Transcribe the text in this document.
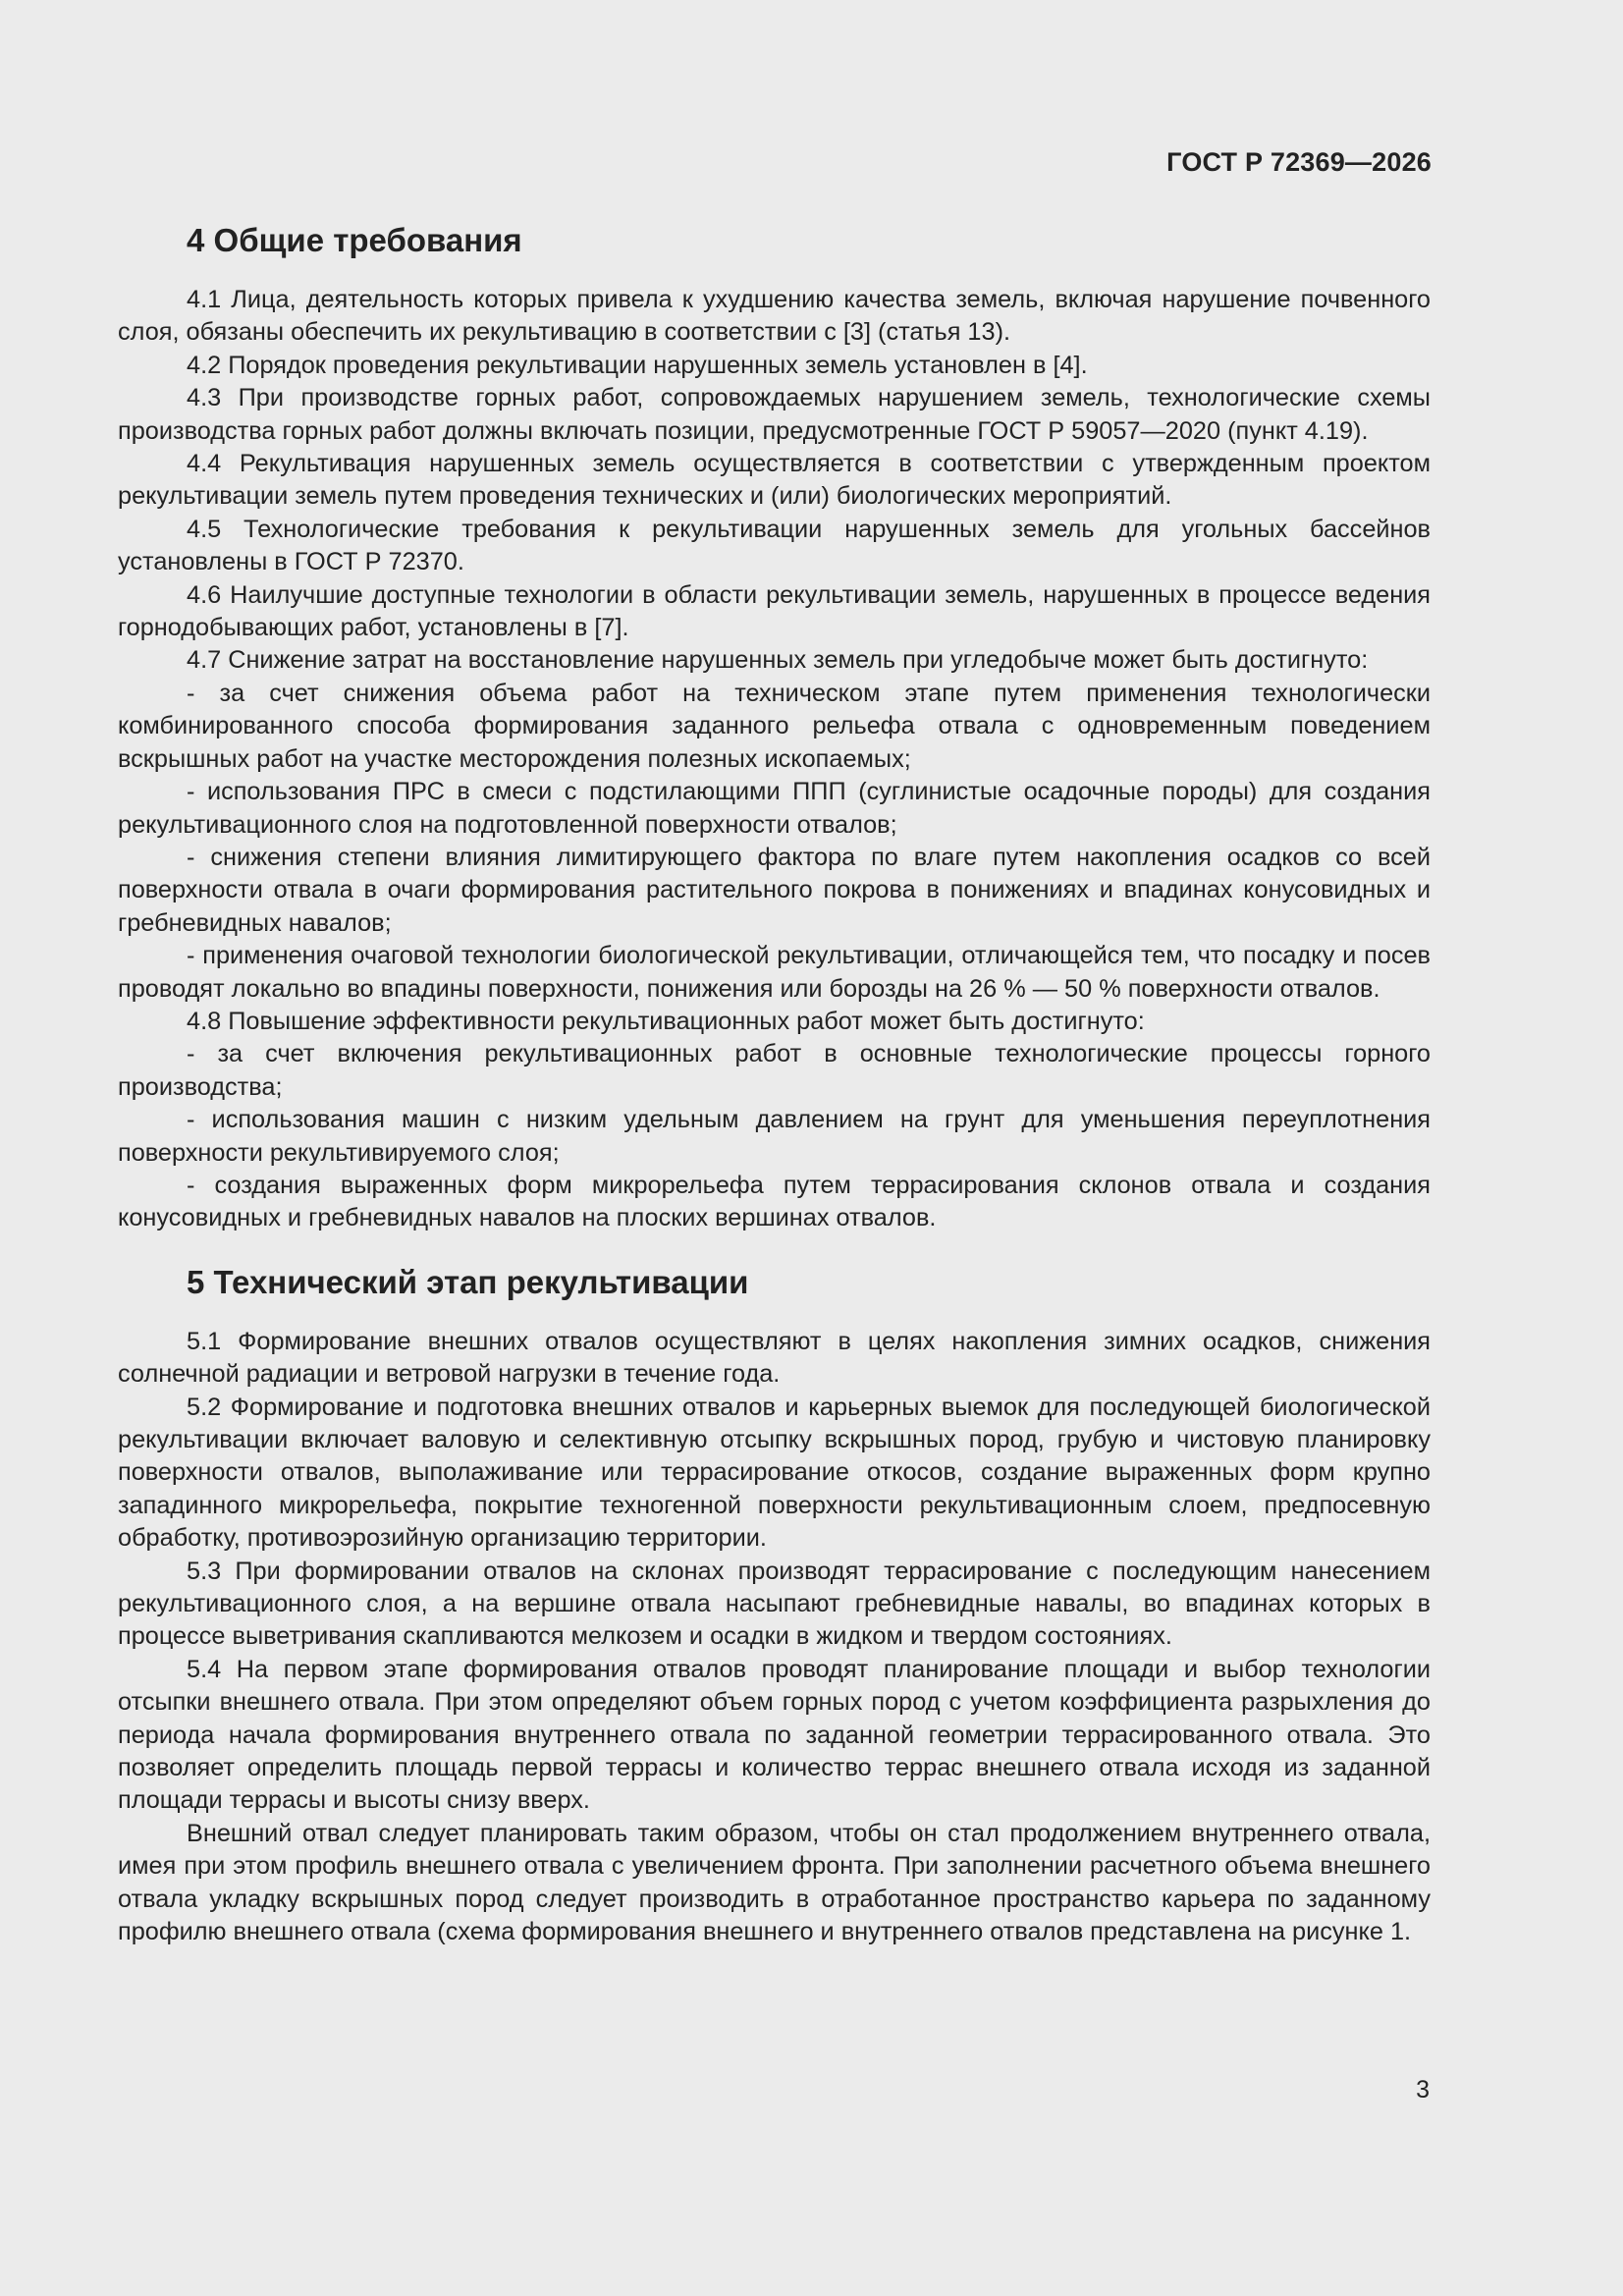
ГОСТ Р 72369—2026
4 Общие требования

4.1 Лица, деятельность которых привела к ухудшению качества земель, включая нарушение почвенного слоя, обязаны обеспечить их рекультивацию в соответствии с [3] (статья 13).

4.2 Порядок проведения рекультивации нарушенных земель установлен в [4].

4.3 При производстве горных работ, сопровождаемых нарушением земель, технологические схемы производства горных работ должны включать позиции, предусмотренные ГОСТ Р 59057—2020 (пункт 4.19).

4.4 Рекультивация нарушенных земель осуществляется в соответствии с утвержденным проектом рекультивации земель путем проведения технических и (или) биологических мероприятий.

4.5 Технологические требования к рекультивации нарушенных земель для угольных бассейнов установлены в ГОСТ Р 72370.

4.6 Наилучшие доступные технологии в области рекультивации земель, нарушенных в процессе ведения горнодобывающих работ, установлены в [7].

4.7 Снижение затрат на восстановление нарушенных земель при угледобыче может быть достигнуто:

- за счет снижения объема работ на техническом этапе путем применения технологически комбинированного способа формирования заданного рельефа отвала с одновременным поведением вскрышных работ на участке месторождения полезных ископаемых;

- использования ПРС в смеси с подстилающими ППП (суглинистые осадочные породы) для создания рекультивационного слоя на подготовленной поверхности отвалов;

- снижения степени влияния лимитирующего фактора по влаге путем накопления осадков со всей поверхности отвала в очаги формирования растительного покрова в понижениях и впадинах конусовидных и гребневидных навалов;

- применения очаговой технологии биологической рекультивации, отличающейся тем, что посадку и посев проводят локально во впадины поверхности, понижения или борозды на 26 % — 50 % поверхности отвалов.

4.8 Повышение эффективности рекультивационных работ может быть достигнуто:

- за счет включения рекультивационных работ в основные технологические процессы горного производства;

- использования машин с низким удельным давлением на грунт для уменьшения переуплотнения поверхности рекультивируемого слоя;

- создания выраженных форм микрорельефа путем террасирования склонов отвала и создания конусовидных и гребневидных навалов на плоских вершинах отвалов.

5 Технический этап рекультивации

5.1 Формирование внешних отвалов осуществляют в целях накопления зимних осадков, снижения солнечной радиации и ветровой нагрузки в течение года.

5.2 Формирование и подготовка внешних отвалов и карьерных выемок для последующей биологической рекультивации включает валовую и селективную отсыпку вскрышных пород, грубую и чистовую планировку поверхности отвалов, выполаживание или террасирование откосов, создание выраженных форм крупно западинного микрорельефа, покрытие техногенной поверхности рекультивационным слоем, предпосевную обработку, противоэрозийную организацию территории.

5.3 При формировании отвалов на склонах производят террасирование с последующим нанесением рекультивационного слоя, а на вершине отвала насыпают гребневидные навалы, во впадинах которых в процессе выветривания скапливаются мелкозем и осадки в жидком и твердом состояниях.

5.4 На первом этапе формирования отвалов проводят планирование площади и выбор технологии отсыпки внешнего отвала. При этом определяют объем горных пород с учетом коэффициента разрыхления до периода начала формирования внутреннего отвала по заданной геометрии террасированного отвала. Это позволяет определить площадь первой террасы и количество террас внешнего отвала исходя из заданной площади террасы и высоты снизу вверх.

Внешний отвал следует планировать таким образом, чтобы он стал продолжением внутреннего отвала, имея при этом профиль внешнего отвала с увеличением фронта. При заполнении расчетного объема внешнего отвала укладку вскрышных пород следует производить в отработанное пространство карьера по заданному профилю внешнего отвала (схема формирования внешнего и внутреннего отвалов представлена на рисунке 1.

3
